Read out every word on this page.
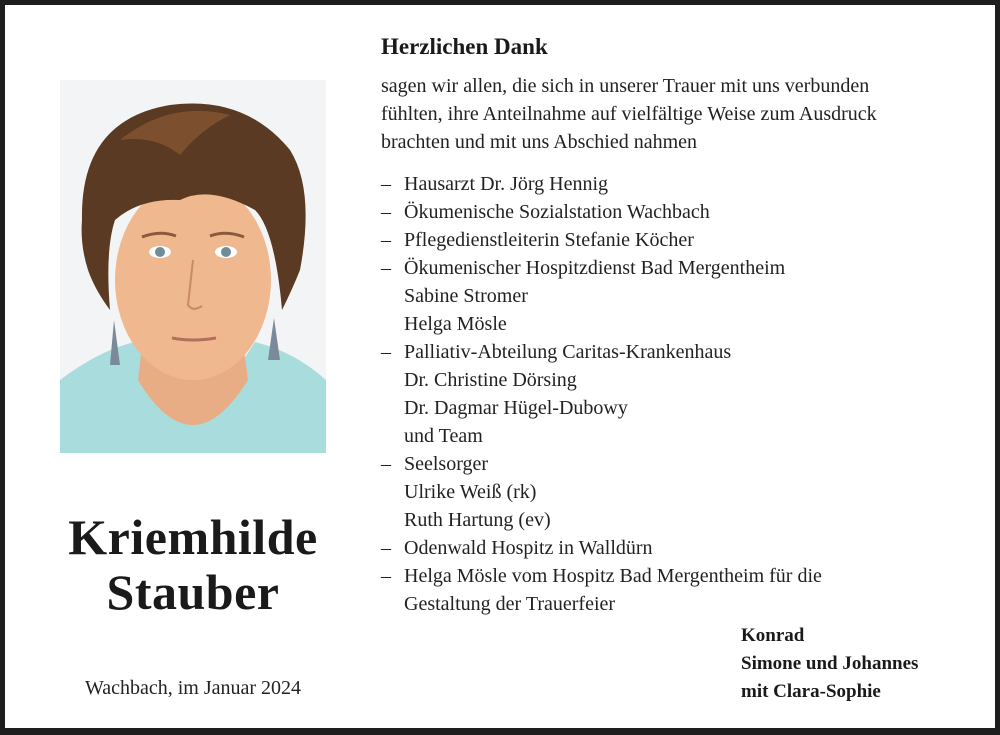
Kriemhilde
Stauber
Wachbach, im Januar 2024
Herzlichen Dank
sagen wir allen, die sich in unserer Trauer mit uns verbunden
fühlten, ihre Anteilnahme auf vielfältige Weise zum Ausdruck
brachten und mit uns Abschied nahmen
– Hausarzt Dr. Jörg Hennig
– Ökumenische Sozialstation Wachbach
– Pflegedienstleiterin Stefanie Köcher
– Ökumenischer Hospitzdienst Bad Mergentheim
Sabine Stromer
Helga Mösle
– Palliativ-Abteilung Caritas-Krankenhaus
Dr. Christine Dörsing
Dr. Dagmar Hügel-Dubowy
und Team
– Seelsorger
Ulrike Weiß (rk)
Ruth Hartung (ev)
– Odenwald Hospitz in Walldürn
– Helga Mösle vom Hospitz Bad Mergentheim für die
Gestaltung der Trauerfeier
Konrad
Simone und Johannes
mit Clara-Sophie
